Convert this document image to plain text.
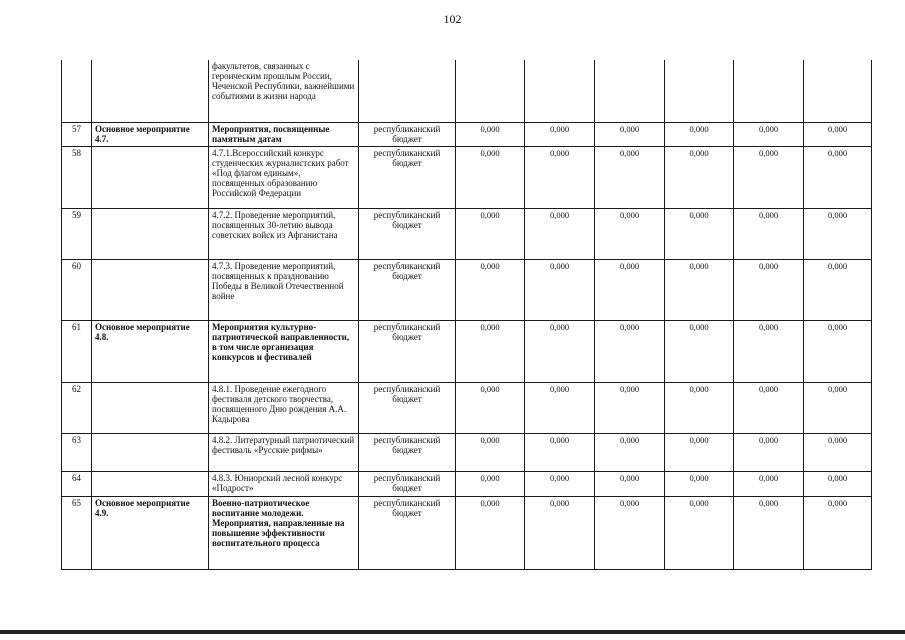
102
		факультетов, связанных с героическим прошлым России, Чеченской Республики, важнейшими событиями в жизни народа							
57	Основное мероприятие 4.7.	Мероприятия, посвященные памятным датам	республиканский бюджет	0,000	0,000	0,000	0,000	0,000	0,000
58		4.7.1.Всероссийский конкурс студенческих журналистских работ «Под флагом единым», посвященных образованию Российской Федерации	республиканский бюджет	0,000	0,000	0,000	0,000	0,000	0,000
59		4.7.2. Проведение мероприятий, посвященных 30-летию вывода советских войск из Афганистана	республиканский бюджет	0,000	0,000	0,000	0,000	0,000	0,000
60		4.7.3. Проведение мероприятий, посвященных к празднованию Победы в Великой Отечественной войне	республиканский бюджет	0,000	0,000	0,000	0,000	0,000	0,000
61	Основное мероприятие 4.8.	Мероприятия культурно-патриотической направленности, в том числе организация конкурсов и фестивалей	республиканский бюджет	0,000	0,000	0,000	0,000	0,000	0,000
62		4.8.1. Проведение ежегодного фестиваля детского творчества, посвященного Дню рождения А.А. Кадырова	республиканский бюджет	0,000	0,000	0,000	0,000	0,000	0,000
63		4.8.2. Литературный патриотический фестиваль «Русские рифмы»	республиканский бюджет	0,000	0,000	0,000	0,000	0,000	0,000
64		4.8.3. Юниорский лесной конкурс «Подрост»	республиканский бюджет	0,000	0,000	0,000	0,000	0,000	0,000
65	Основное мероприятие 4.9.	Военно-патриотическое воспитание молодежи. Мероприятия, направленные на повышение эффективности воспитательного процесса	республиканский бюджет	0,000	0,000	0,000	0,000	0,000	0,000
